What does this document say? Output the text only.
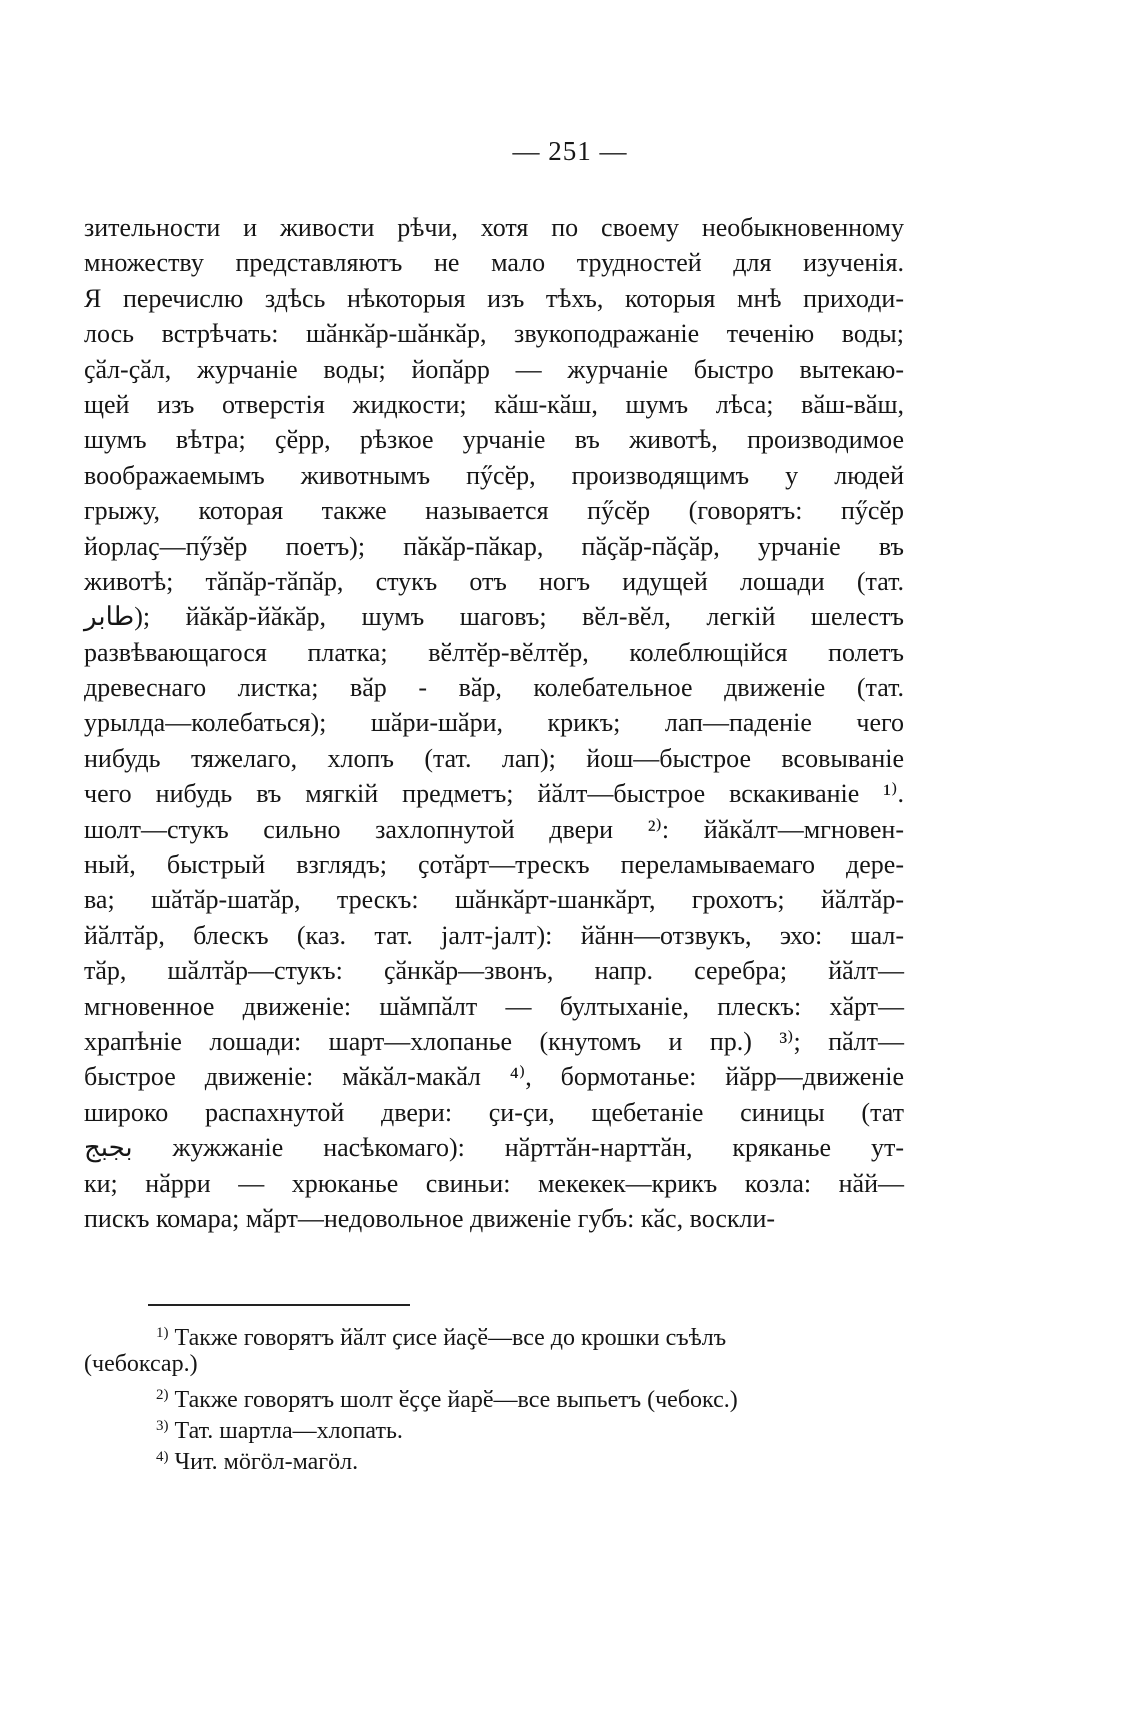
— 251 —
зительности и живости рѣчи, хотя по своему необыкновенному
множеству представляютъ не мало трудностей для изученія.
Я перечислю здѣсь нѣкоторыя изъ тѣхъ, которыя мнѣ приходи-
лось встрѣчать: шӑнкӑр-шӑнкӑр, звукоподражаніе теченію воды;
ҫӑл-ҫӑл, журчаніе воды; йопӑрр — журчаніе быстро вытекаю-
щей изъ отверстія жидкости; кӑш-кӑш, шумъ лѣса; вӑш-вӑш,
шумъ вѣтра; ҫӗрр, рѣзкое урчаніе въ животѣ, производимое
воображаемымъ животнымъ пӳсӗр, производящимъ у людей
грыжу, которая также называется пӳсӗр (говорятъ: пӳсӗр
йорлаҫ—пӳзӗр поетъ); пӑкӑр-пӑкар, пӑҫӑр-пӑҫӑр, урчаніе въ
животѣ; тӑпӑр-тӑпӑр, стукъ отъ ногъ идущей лошади (тат.
طابر); йӑкӑр-йӑкӑр, шумъ шаговъ; вӗл-вӗл, легкій шелестъ
развѣвающагося платка; вӗлтӗр-вӗлтӗр, колеблющійся полетъ
древеснаго листка; вӑр - вӑр, колебательное движеніе (тат.
урылдa—колебаться); шӑри-шӑри, крикъ; лап—паденіе чего
нибудь тяжелаго, хлопъ (тат. лап); йош—быстрое всовываніе
чего нибудь въ мягкій предметъ; йӑлт—быстрое вскакиваніе ¹⁾.
шолт—стукъ сильно захлопнутой двери ²⁾: йӑкӑлт—мгновен-
ный, быстрый взглядъ; ҫотӑрт—трескъ переламываемаго дере-
ва; шӑтӑр-шатӑр, трескъ: шӑнкӑрт-шанкӑрт, грохотъ; йӑлтӑр-
йӑлтӑр, блескъ (каз. тат. jалт-jалт): йӑнн—отзвукъ, эхо: шал-
тӑр, шӑлтӑр—стукъ: ҫӑнкӑр—звонъ, напр. серебра; йӑлт—
мгновенное движеніе: шӑмпӑлт — бултыханіе, плескъ: хӑрт—
храпѣніе лошади: шарт—хлопанье (кнутомъ и пр.) ³⁾; пӑлт—
быстрое движеніе: мӑкӑл-макӑл ⁴⁾, бормотанье: йӑрр—движеніе
широко распахнутой двери: ҫи-ҫи, щебетаніе синицы (тат
بجبج жужжаніе насѣкомаго): нӑрттӑн-нарттӑн, кряканье ут-
ки; нӑрри — хрюканье свиньи: мекекек—крикъ козла: нӑй—
пискъ комара; мӑрт—недовольное движеніе губъ: кӑс, воскли-
$^{1)}$ Также говорятъ йӑлт ҫисе йаҫӗ—все до крошки съѣлъ
(чебоксар.)
$^{2)}$ Также говорятъ шолт ӗҫҫе йарӗ—все выпьетъ (чебокс.)
$^{3)}$ Тат. шартла—хлопать.
$^{4)}$ Чит. мӧгӧл-магӧл.
